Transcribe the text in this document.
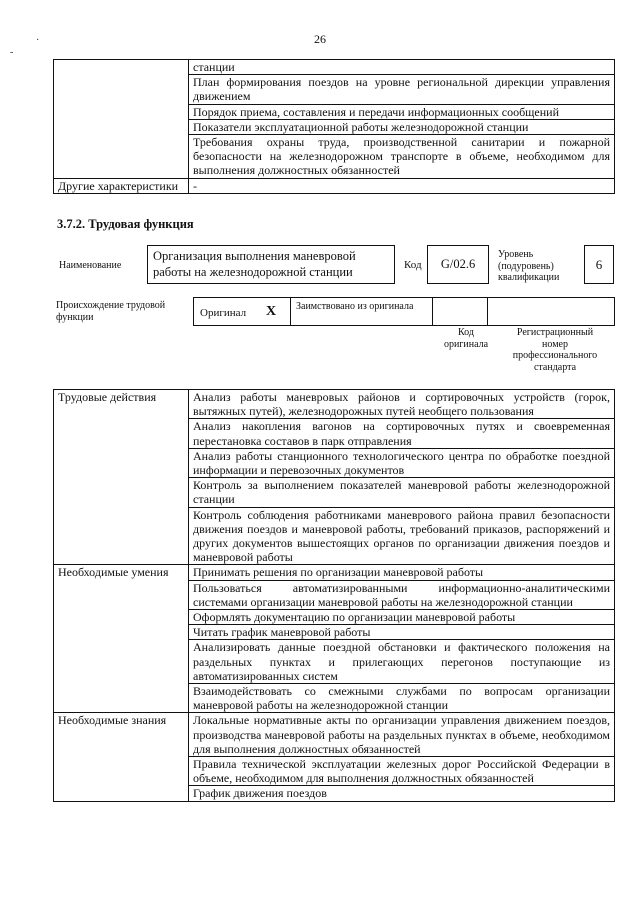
26
·
-
	станции
	План формирования поездов на уровне региональной дирекции управления движением
	Порядок приема, составления и передачи информационных сообщений
	Показатели эксплуатационной работы железнодорожной станции
	Требования охраны труда, производственной санитарии и пожарной безопасности на железнодорожном транспорте в объеме, необходимом для выполнения должностных обязанностей
Другие характеристики	-
3.7.2. Трудовая функция
Наименование
Организация выполнения маневровой работы на железнодорожной станции	Код	G/02.6
Уровень (подуровень) квалификации
6
Происхождение трудовой функции	Оригинал X	Заимствовано из оригинала
Код оригинала
Регистрационный номер профессионального стандарта
Трудовые действия	Анализ работы маневровых районов и сортировочных устройств (горок, вытяжных путей), железнодорожных путей необщего пользования
	Анализ накопления вагонов на сортировочных путях и своевременная перестановка составов в парк отправления
	Анализ работы станционного технологического центра по обработке поездной информации и перевозочных документов
	Контроль за выполнением показателей маневровой работы железнодорожной станции
	Контроль соблюдения работниками маневрового района правил безопасности движения поездов и маневровой работы, требований приказов, распоряжений и других документов вышестоящих органов по организации движения поездов и маневровой работы
Необходимые умения	Принимать решения по организации маневровой работы
	Пользоваться автоматизированными информационно-аналитическими системами организации маневровой работы на железнодорожной станции
	Оформлять документацию по организации маневровой работы
	Читать график маневровой работы
	Анализировать данные поездной обстановки и фактического положения на раздельных пунктах и прилегающих перегонов поступающие из автоматизированных систем
	Взаимодействовать со смежными службами по вопросам организации маневровой работы на железнодорожной станции
Необходимые знания	Локальные нормативные акты по организации управления движением поездов, производства маневровой работы на раздельных пунктах в объеме, необходимом для выполнения должностных обязанностей
	Правила технической эксплуатации железных дорог Российской Федерации в объеме, необходимом для выполнения должностных обязанностей
	График движения поездов
